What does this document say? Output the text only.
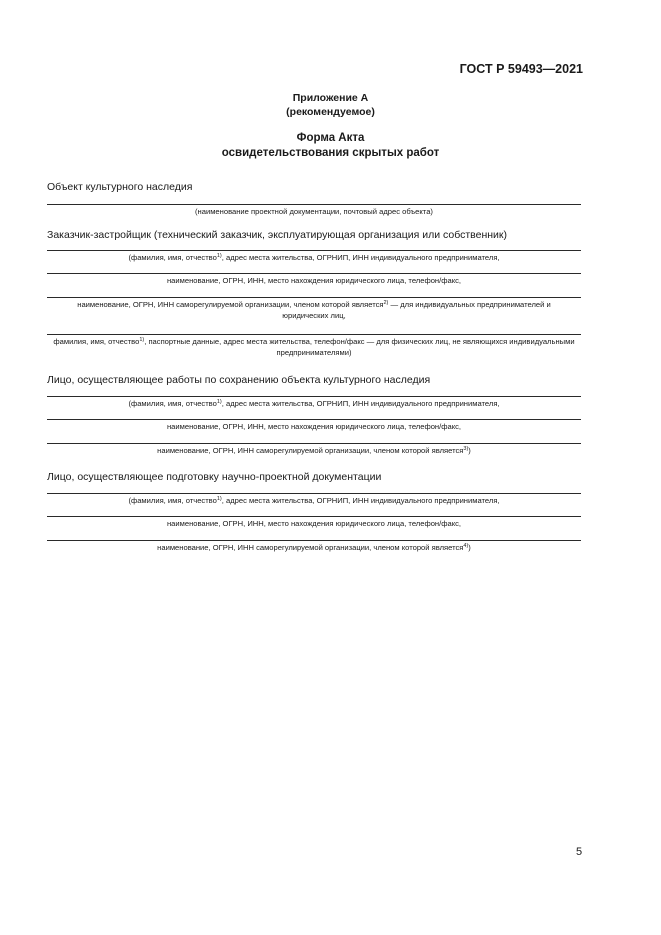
ГОСТ Р 59493—2021
Приложение А
(рекомендуемое)
Форма Акта
освидетельствования скрытых работ
Объект культурного наследия
(наименование проектной документации, почтовый адрес объекта)
Заказчик-застройщик (технический заказчик, эксплуатирующая организация или собственник)
(фамилия, имя, отчество$^{1)}$, адрес места жительства, ОГРНИП, ИНН индивидуального предпринимателя,
наименование, ОГРН, ИНН, место нахождения юридического лица, телефон/факс,
наименование, ОГРН, ИНН саморегулируемой организации, членом которой является$^{2)}$ — для индивидуальных предпринимателей и юридических лиц,
фамилия, имя, отчество$^{1)}$, паспортные данные, адрес места жительства, телефон/факс — для физических лиц, не являющихся индивидуальными предпринимателями)
Лицо, осуществляющее работы по сохранению объекта культурного наследия
(фамилия, имя, отчество$^{1)}$, адрес места жительства, ОГРНИП, ИНН индивидуального предпринимателя,
наименование, ОГРН, ИНН, место нахождения юридического лица, телефон/факс,
наименование, ОГРН, ИНН саморегулируемой организации, членом которой является$^{3)}$)
Лицо, осуществляющее подготовку научно-проектной документации
(фамилия, имя, отчество$^{1)}$, адрес места жительства, ОГРНИП, ИНН индивидуального предпринимателя,
наименование, ОГРН, ИНН, место нахождения юридического лица, телефон/факс,
наименование, ОГРН, ИНН саморегулируемой организации, членом которой является$^{4)}$)
5
